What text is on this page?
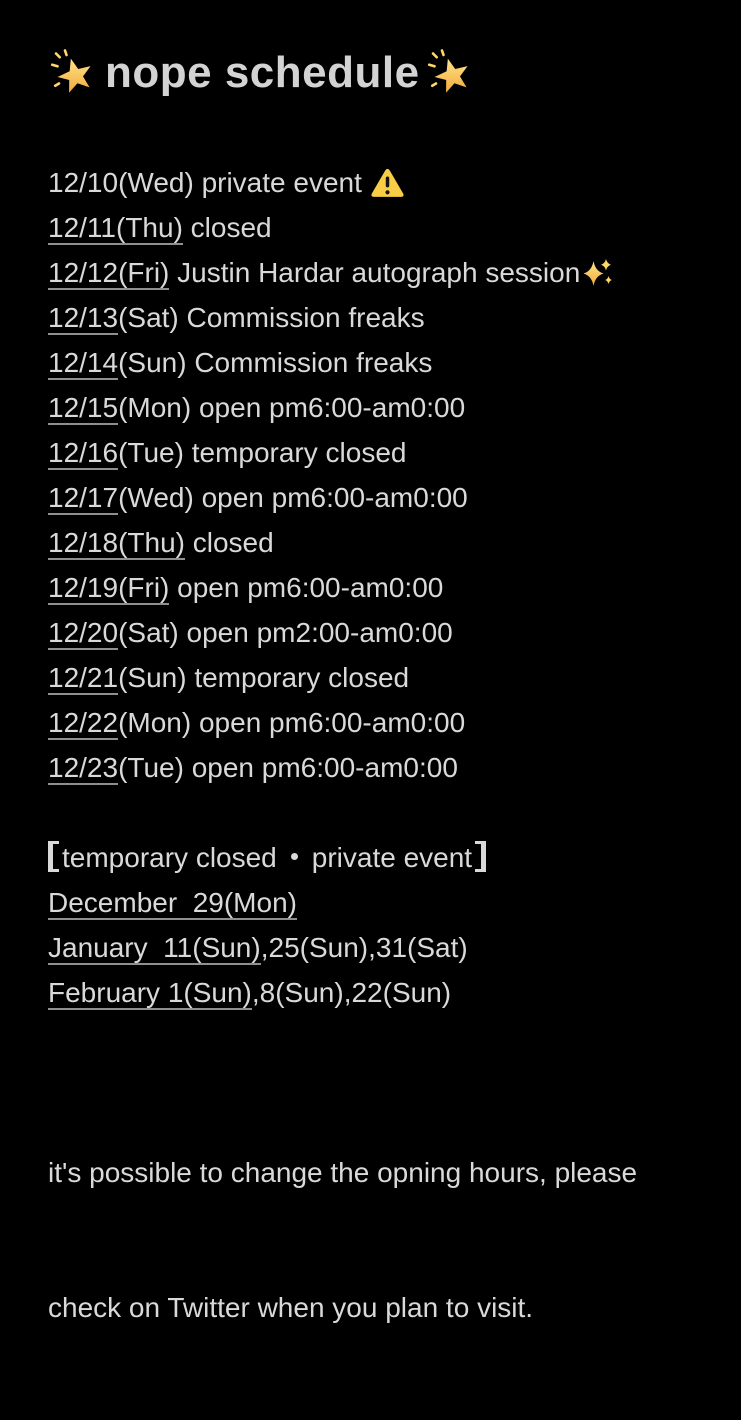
nope schedule
12/10(Wed) private event
12/11(Thu) closed
12/12(Fri) Justin Hardar autograph session
12/13(Sat) Commission freaks
12/14(Sun) Commission freaks
12/15(Mon) open pm6:00-am0:00
12/16(Tue) temporary closed
12/17(Wed) open pm6:00-am0:00
12/18(Thu) closed
12/19(Fri) open pm6:00-am0:00
12/20(Sat) open pm2:00-am0:00
12/21(Sun) temporary closed
12/22(Mon) open pm6:00-am0:00
12/23(Tue) open pm6:00-am0:00
temporary closed private event
December  29(Mon)
January  11(Sun),25(Sun),31(Sat)
February 1(Sun),8(Sun),22(Sun)

it's possible to change the opning hours, please

check on Twitter when you plan to visit.
